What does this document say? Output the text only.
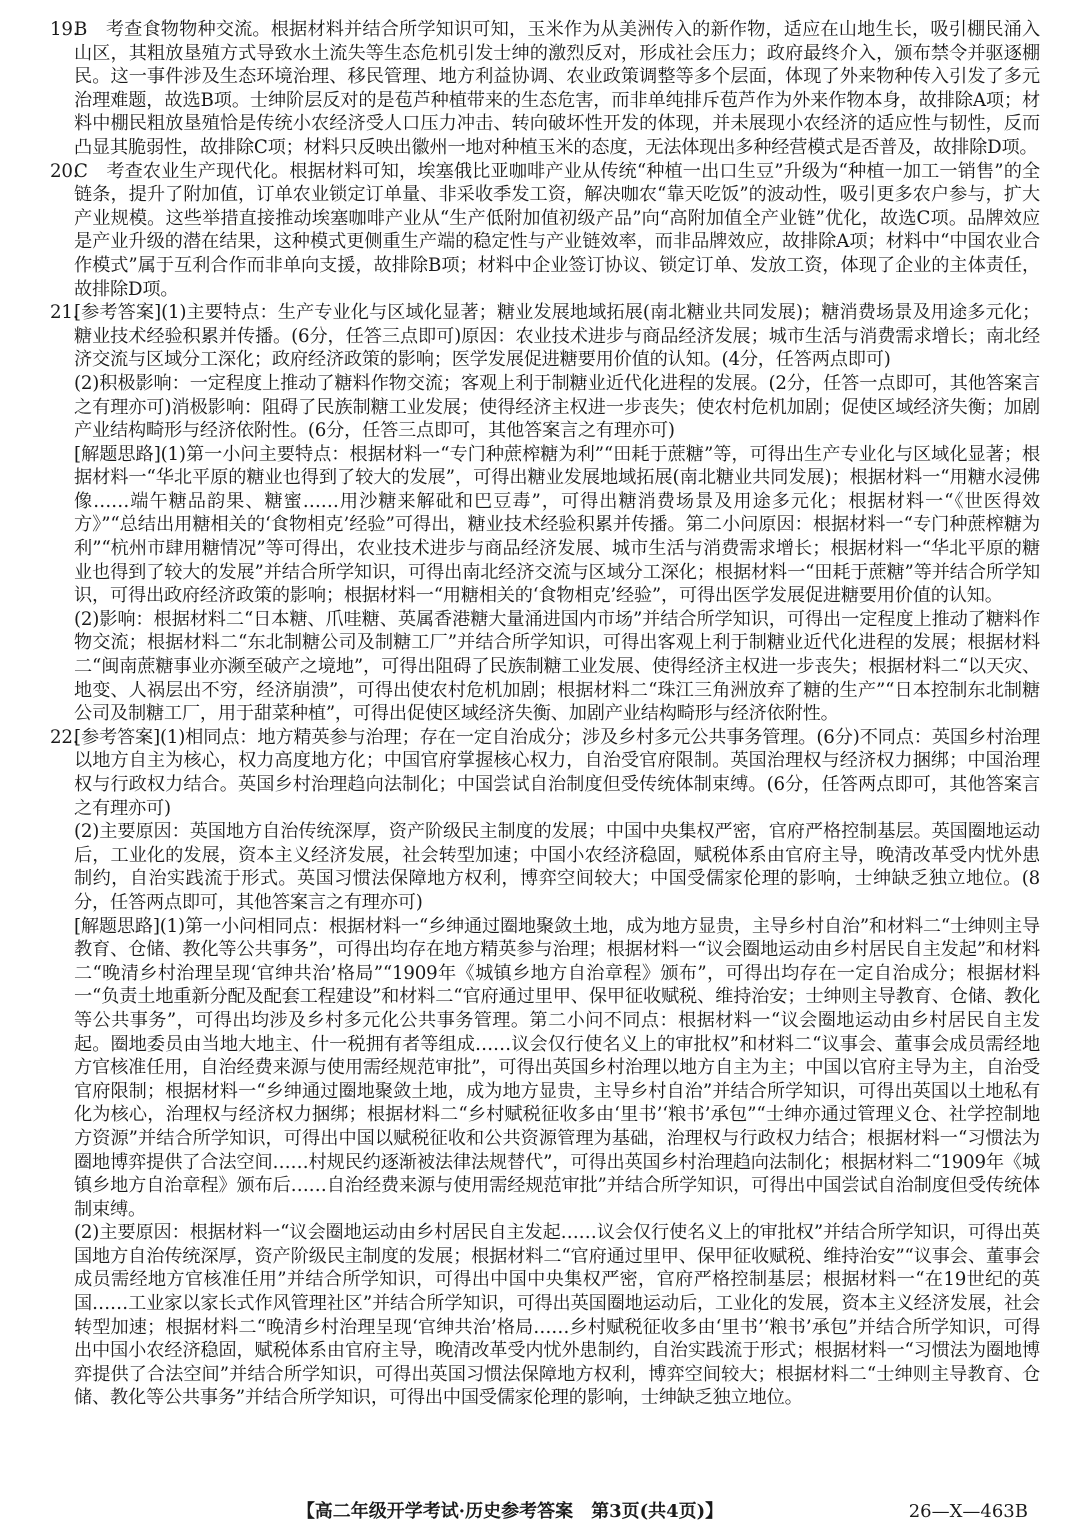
19.
B　考查食物物种交流。根据材料并结合所学知识可知，玉米作为从美洲传入的新作物，适应在山地生长，吸引棚民涌入山区，其粗放垦殖方式导致水土流失等生态危机引发士绅的激烈反对，形成社会压力；政府最终介入，颁布禁令并驱逐棚民。这一事件涉及生态环境治理、移民管理、地方利益协调、农业政策调整等多个层面，体现了外来物种传入引发了多元治理难题，故选B项。士绅阶层反对的是苞芦种植带来的生态危害，而非单纯排斥苞芦作为外来作物本身，故排除A项；材料中棚民粗放垦殖恰是传统小农经济受人口压力冲击、转向破坏性开发的体现，并未展现小农经济的适应性与韧性，反而凸显其脆弱性，故排除C项；材料只反映出徽州一地对种植玉米的态度，无法体现出多种经营模式是否普及，故排除D项。
20.
C　考查农业生产现代化。根据材料可知，埃塞俄比亚咖啡产业从传统“种植一出口生豆”升级为“种植一加工一销售”的全链条，提升了附加值，订单农业锁定订单量、非采收季发工资，解决咖农“靠天吃饭”的波动性，吸引更多农户参与，扩大产业规模。这些举措直接推动埃塞咖啡产业从“生产低附加值初级产品”向“高附加值全产业链”优化，故选C项。品牌效应是产业升级的潜在结果，这种模式更侧重生产端的稳定性与产业链效率，而非品牌效应，故排除A项；材料中“中国农业合作模式”属于互利合作而非单向支援，故排除B项；材料中企业签订协议、锁定订单、发放工资，体现了企业的主体责任，故排除D项。
21.
[参考答案](1)主要特点：生产专业化与区域化显著；糖业发展地域拓展(南北糖业共同发展)；糖消费场景及用途多元化；糖业技术经验积累并传播。(6分，任答三点即可)原因：农业技术进步与商品经济发展；城市生活与消费需求增长；南北经济交流与区域分工深化；政府经济政策的影响；医学发展促进糖要用价值的认知。(4分，任答两点即可)

(2)积极影响：一定程度上推动了糖料作物交流；客观上利于制糖业近代化进程的发展。(2分，任答一点即可，其他答案言之有理亦可)消极影响：阻碍了民族制糖工业发展；使得经济主权进一步丧失；使农村危机加剧；促使区域经济失衡；加剧产业结构畸形与经济依附性。(6分，任答三点即可，其他答案言之有理亦可)

[解题思路](1)第一小问主要特点：根据材料一“专门种蔗榨糖为利”“田耗于蔗糖”等，可得出生产专业化与区域化显著；根据材料一“华北平原的糖业也得到了较大的发展”，可得出糖业发展地域拓展(南北糖业共同发展)；根据材料一“用糖水浸佛像……端午糖品韵果、糖蜜……用沙糖来解砒和巴豆毒”，可得出糖消费场景及用途多元化；根据材料一“《世医得效方》”“总结出用糖相关的‘食物相克’经验”可得出，糖业技术经验积累并传播。第二小问原因：根据材料一“专门种蔗榨糖为利”“杭州市肆用糖情况”等可得出，农业技术进步与商品经济发展、城市生活与消费需求增长；根据材料一“华北平原的糖业也得到了较大的发展”并结合所学知识，可得出南北经济交流与区域分工深化；根据材料一“田耗于蔗糖”等并结合所学知识，可得出政府经济政策的影响；根据材料一“用糖相关的‘食物相克’经验”，可得出医学发展促进糖要用价值的认知。

(2)影响：根据材料二“日本糖、爪哇糖、英属香港糖大量涌进国内市场”并结合所学知识，可得出一定程度上推动了糖料作物交流；根据材料二“东北制糖公司及制糖工厂”并结合所学知识，可得出客观上利于制糖业近代化进程的发展；根据材料二“闽南蔗糖事业亦濒至破产之境地”，可得出阻碍了民族制糖工业发展、使得经济主权进一步丧失；根据材料二“以天灾、地变、人祸层出不穷，经济崩溃”，可得出使农村危机加剧；根据材料二“珠江三角洲放弃了糖的生产”“日本控制东北制糖公司及制糖工厂，用于甜菜种植”，可得出促使区域经济失衡、加剧产业结构畸形与经济依附性。

22.
[参考答案](1)相同点：地方精英参与治理；存在一定自治成分；涉及乡村多元公共事务管理。(6分)不同点：英国乡村治理以地方自主为核心，权力高度地方化；中国官府掌握核心权力，自治受官府限制。英国治理权与经济权力捆绑；中国治理权与行政权力结合。英国乡村治理趋向法制化；中国尝试自治制度但受传统体制束缚。(6分，任答两点即可，其他答案言之有理亦可)

(2)主要原因：英国地方自治传统深厚，资产阶级民主制度的发展；中国中央集权严密，官府严格控制基层。英国圈地运动后，工业化的发展，资本主义经济发展，社会转型加速；中国小农经济稳固，赋税体系由官府主导，晚清改革受内忧外患制约，自治实践流于形式。英国习惯法保障地方权利，博弈空间较大；中国受儒家伦理的影响，士绅缺乏独立地位。(8分，任答两点即可，其他答案言之有理亦可)

[解题思路](1)第一小问相同点：根据材料一“乡绅通过圈地聚敛土地，成为地方显贵，主导乡村自治”和材料二“士绅则主导教育、仓储、教化等公共事务”，可得出均存在地方精英参与治理；根据材料一“议会圈地运动由乡村居民自主发起”和材料二“晚清乡村治理呈现‘官绅共治’格局”“1909年《城镇乡地方自治章程》颁布”，可得出均存在一定自治成分；根据材料一“负责土地重新分配及配套工程建设”和材料二“官府通过里甲、保甲征收赋税、维持治安；士绅则主导教育、仓储、教化等公共事务”，可得出均涉及乡村多元化公共事务管理。第二小问不同点：根据材料一“议会圈地运动由乡村居民自主发起。圈地委员由当地大地主、什一税拥有者等组成……议会仅行使名义上的审批权”和材料二“议事会、董事会成员需经地方官核准任用，自治经费来源与使用需经规范审批”，可得出英国乡村治理以地方自主为主；中国以官府主导为主，自治受官府限制；根据材料一“乡绅通过圈地聚敛土地，成为地方显贵，主导乡村自治”并结合所学知识，可得出英国以土地私有化为核心，治理权与经济权力捆绑；根据材料二“乡村赋税征收多由‘里书’‘粮书’承包”“士绅亦通过管理义仓、社学控制地方资源”并结合所学知识，可得出中国以赋税征收和公共资源管理为基础，治理权与行政权力结合；根据材料一“习惯法为圈地博弈提供了合法空间……村规民约逐渐被法律法规替代”，可得出英国乡村治理趋向法制化；根据材料二“1909年《城镇乡地方自治章程》颁布后……自治经费来源与使用需经规范审批”并结合所学知识，可得出中国尝试自治制度但受传统体制束缚。

(2)主要原因：根据材料一“议会圈地运动由乡村居民自主发起……议会仅行使名义上的审批权”并结合所学知识，可得出英国地方自治传统深厚，资产阶级民主制度的发展；根据材料二“官府通过里甲、保甲征收赋税、维持治安”“议事会、董事会成员需经地方官核准任用”并结合所学知识，可得出中国中央集权严密，官府严格控制基层；根据材料一“在19世纪的英国……工业家以家长式作风管理社区”并结合所学知识，可得出英国圈地运动后，工业化的发展，资本主义经济发展，社会转型加速；根据材料二“晚清乡村治理呈现‘官绅共治’格局……乡村赋税征收多由‘里书’‘粮书’承包”并结合所学知识，可得出中国小农经济稳固，赋税体系由官府主导，晚清改革受内忧外患制约，自治实践流于形式；根据材料一“习惯法为圈地博弈提供了合法空间”并结合所学知识，可得出英国习惯法保障地方权利，博弈空间较大；根据材料二“士绅则主导教育、仓储、教化等公共事务”并结合所学知识，可得出中国受儒家伦理的影响，士绅缺乏独立地位。

【高二年级开学考试·历史参考答案　第3页(共4页)】	26—X—463B
